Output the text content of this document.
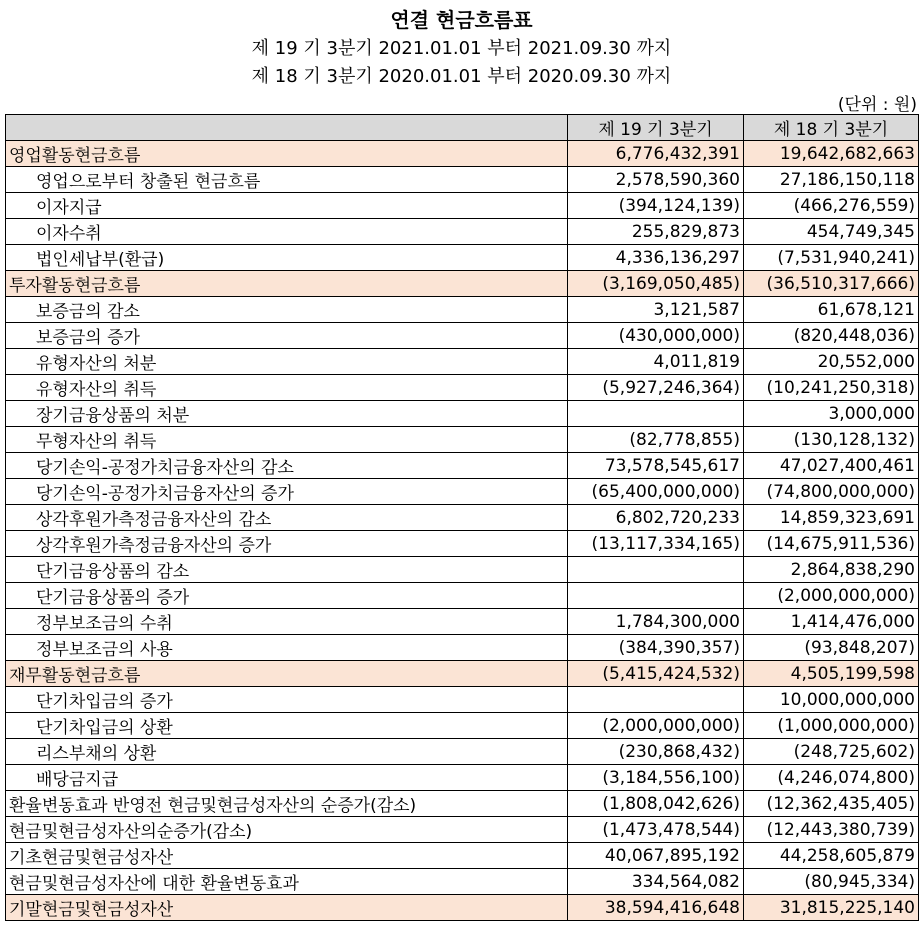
연결 현금흐름표
제 19 기 3분기 2021.01.01 부터 2021.09.30 까지
제 18 기 3분기 2020.01.01 부터 2020.09.30 까지
(단위 : 원)
	제 19 기 3분기	제 18 기 3분기
영업활동현금흐름	6,776,432,391	19,642,682,663
영업으로부터 창출된 현금흐름	2,578,590,360	27,186,150,118
이자지급	(394,124,139)	(466,276,559)
이자수취	255,829,873	454,749,345
법인세납부(환급)	4,336,136,297	(7,531,940,241)
투자활동현금흐름	(3,169,050,485)	(36,510,317,666)
보증금의 감소	3,121,587	61,678,121
보증금의 증가	(430,000,000)	(820,448,036)
유형자산의 처분	4,011,819	20,552,000
유형자산의 취득	(5,927,246,364)	(10,241,250,318)
장기금융상품의 처분		3,000,000
무형자산의 취득	(82,778,855)	(130,128,132)
당기손익-공정가치금융자산의 감소	73,578,545,617	47,027,400,461
당기손익-공정가치금융자산의 증가	(65,400,000,000)	(74,800,000,000)
상각후원가측정금융자산의 감소	6,802,720,233	14,859,323,691
상각후원가측정금융자산의 증가	(13,117,334,165)	(14,675,911,536)
단기금융상품의 감소		2,864,838,290
단기금융상품의 증가		(2,000,000,000)
정부보조금의 수취	1,784,300,000	1,414,476,000
정부보조금의 사용	(384,390,357)	(93,848,207)
재무활동현금흐름	(5,415,424,532)	4,505,199,598
단기차입금의 증가		10,000,000,000
단기차입금의 상환	(2,000,000,000)	(1,000,000,000)
리스부채의 상환	(230,868,432)	(248,725,602)
배당금지급	(3,184,556,100)	(4,246,074,800)
환율변동효과 반영전 현금및현금성자산의 순증가(감소)	(1,808,042,626)	(12,362,435,405)
현금및현금성자산의순증가(감소)	(1,473,478,544)	(12,443,380,739)
기초현금및현금성자산	40,067,895,192	44,258,605,879
현금및현금성자산에 대한 환율변동효과	334,564,082	(80,945,334)
기말현금및현금성자산	38,594,416,648	31,815,225,140
